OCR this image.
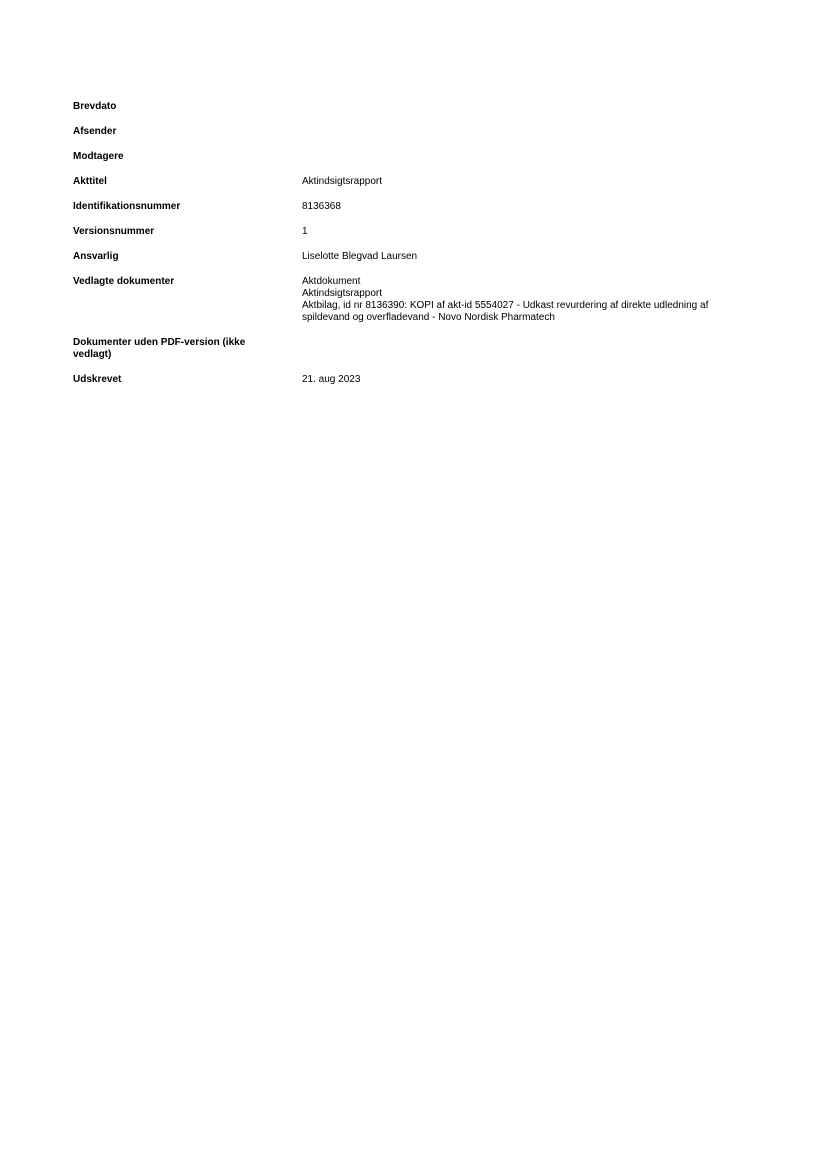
Brevdato
Afsender
Modtagere
Akttitel	Aktindsigtsrapport
Identifikationsnummer	8136368
Versionsnummer	1
Ansvarlig	Liselotte Blegvad Laursen
Vedlagte dokumenter	Aktdokument
Aktindsigtsrapport
Aktbilag, id nr 8136390: KOPI af akt-id 5554027 - Udkast revurdering af direkte udledning af
spildevand og overfladevand - Novo Nordisk Pharmatech
Dokumenter uden PDF-version (ikke
vedlagt)
Udskrevet	21. aug 2023
